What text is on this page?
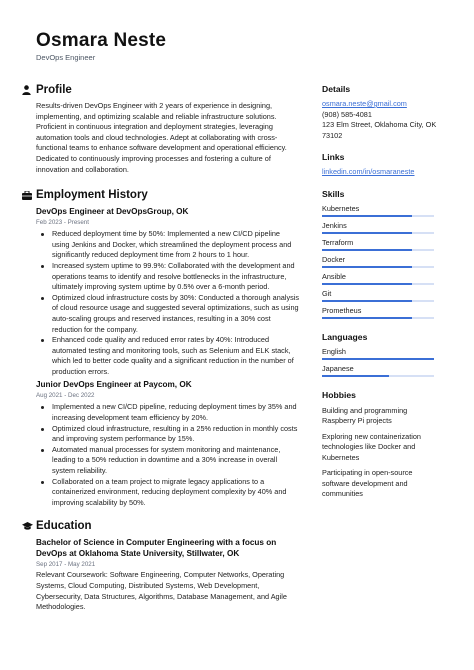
Osmara Neste
DevOps Engineer
Profile
Results-driven DevOps Engineer with 2 years of experience in designing, implementing, and optimizing scalable and reliable infrastructure solutions. Proficient in continuous integration and deployment strategies, leveraging automation tools and cloud technologies. Adept at collaborating with cross-functional teams to enhance software development and operational efficiency. Dedicated to continuously improving processes and fostering a culture of innovation and collaboration.
Employment History
DevOps Engineer at DevOpsGroup, OK
Feb 2023 - Present
Reduced deployment time by 50%: Implemented a new CI/CD pipeline using Jenkins and Docker, which streamlined the deployment process and significantly reduced deployment time from 2 hours to 1 hour.
Increased system uptime to 99.9%: Collaborated with the development and operations teams to identify and resolve bottlenecks in the infrastructure, ultimately improving system uptime by 0.5% over a 6-month period.
Optimized cloud infrastructure costs by 30%: Conducted a thorough analysis of cloud resource usage and suggested several optimizations, such as using auto-scaling groups and reserved instances, resulting in a 30% cost reduction for the company.
Enhanced code quality and reduced error rates by 40%: Introduced automated testing and monitoring tools, such as Selenium and ELK stack, which led to better code quality and a significant reduction in the number of production errors.
Junior DevOps Engineer at Paycom, OK
Aug 2021 - Dec 2022
Implemented a new CI/CD pipeline, reducing deployment times by 35% and increasing development team efficiency by 20%.
Optimized cloud infrastructure, resulting in a 25% reduction in monthly costs and improving system performance by 15%.
Automated manual processes for system monitoring and maintenance, leading to a 50% reduction in downtime and a 30% increase in overall system reliability.
Collaborated on a team project to migrate legacy applications to a containerized environment, reducing deployment complexity by 40% and improving scalability by 50%.
Education
Bachelor of Science in Computer Engineering with a focus on DevOps at Oklahoma State University, Stillwater, OK
Sep 2017 - May 2021
Relevant Coursework: Software Engineering, Computer Networks, Operating Systems, Cloud Computing, Distributed Systems, Web Development, Cybersecurity, Data Structures, Algorithms, Database Management, and Agile Methodologies.
Details
osmara.neste@gmail.com
(908) 585-4081
123 Elm Street, Oklahoma City, OK 73102
Links
linkedin.com/in/osmaraneste
Skills
Kubernetes
Jenkins
Terraform
Docker
Ansible
Git
Prometheus
Languages
English
Japanese
Hobbies
Building and programming Raspberry Pi projects
Exploring new containerization technologies like Docker and Kubernetes
Participating in open-source software development and communities
